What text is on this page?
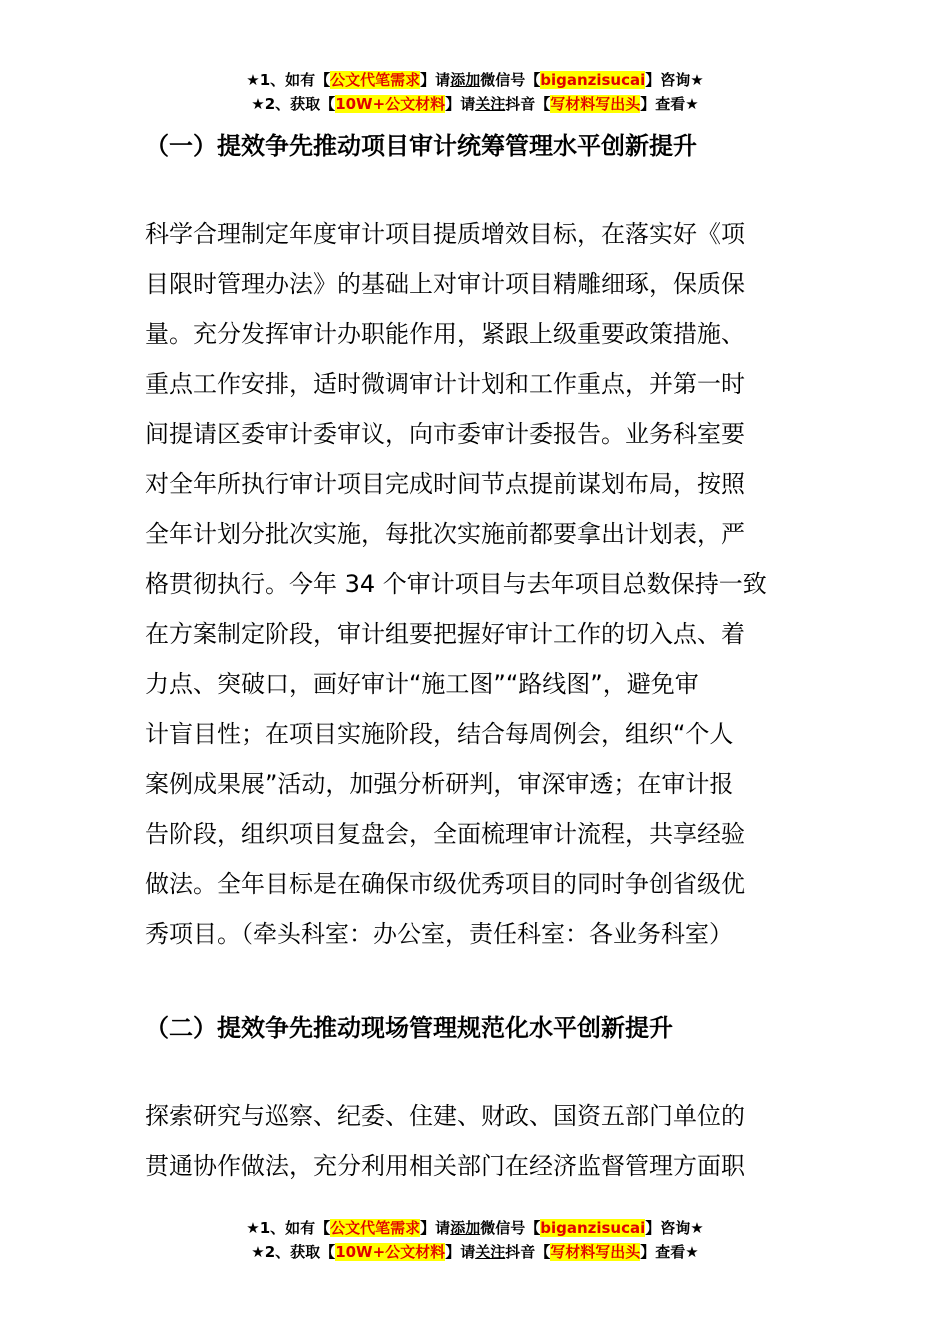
★1、如有【公文代笔需求】请添加微信号【biganzisucai】咨询★
★2、获取【10W+公文材料】请关注抖音【写材料写出头】查看★
（一）提效争先推动项目审计统筹管理水平创新提升
科学合理制定年度审计项目提质增效目标，在落实好《项
目限时管理办法》的基础上对审计项目精雕细琢，保质保
量。充分发挥审计办职能作用，紧跟上级重要政策措施、
重点工作安排，适时微调审计计划和工作重点，并第一时
间提请区委审计委审议，向市委审计委报告。业务科室要
对全年所执行审计项目完成时间节点提前谋划布局，按照
全年计划分批次实施，每批次实施前都要拿出计划表，严
格贯彻执行。今年 34 个审计项目与去年项目总数保持一致
在方案制定阶段，审计组要把握好审计工作的切入点、着
力点、突破口，画好审计“施工图”“路线图”，避免审
计盲目性；在项目实施阶段，结合每周例会，组织“个人
案例成果展”活动，加强分析研判，审深审透；在审计报
告阶段，组织项目复盘会，全面梳理审计流程，共享经验
做法。全年目标是在确保市级优秀项目的同时争创省级优
秀项目。（牵头科室：办公室，责任科室：各业务科室）
（二）提效争先推动现场管理规范化水平创新提升
探索研究与巡察、纪委、住建、财政、国资五部门单位的
贯通协作做法，充分利用相关部门在经济监督管理方面职
★1、如有【公文代笔需求】请添加微信号【biganzisucai】咨询★
★2、获取【10W+公文材料】请关注抖音【写材料写出头】查看★
